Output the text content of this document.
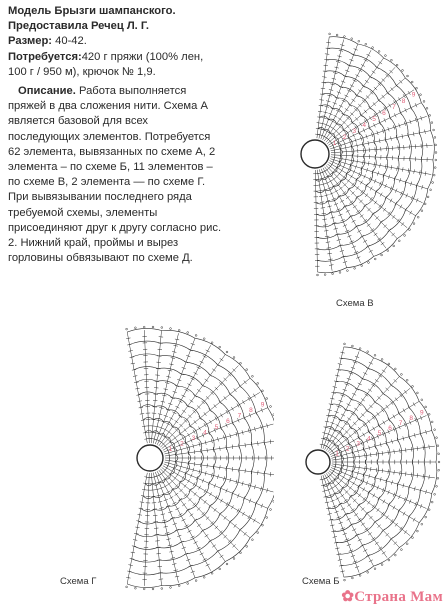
Модель Брызги шампанского.
Предоставила Речец Л. Г.

Размер: 40-42.

Потребуется:420 г пряжи (100% лен, 100 г / 950 м), крючок № 1,9.

Описание. Работа выполняется пряжей в два сложения нити. Схема А является базовой для всех последующих элементов. Потребуется 62 элемента, вывязанных по схеме А, 2 элемента – по схеме Б, 11 элементов – по схеме В, 2 элемента — по схеме Г. При вывязывании последнего ряда требуемой схемы, элементы присоединяют друг к другу согласно рис. 2. Нижний край, проймы и вырез горловины обвязывают по схеме Д.

1
2
3
4
5
6
7
8
9
Схема В
1
2
3
4
5
6
7
8
9
Схема Г
1
2
3
4
5
6
7
8
9
Схема Б
✿Страна Мам
